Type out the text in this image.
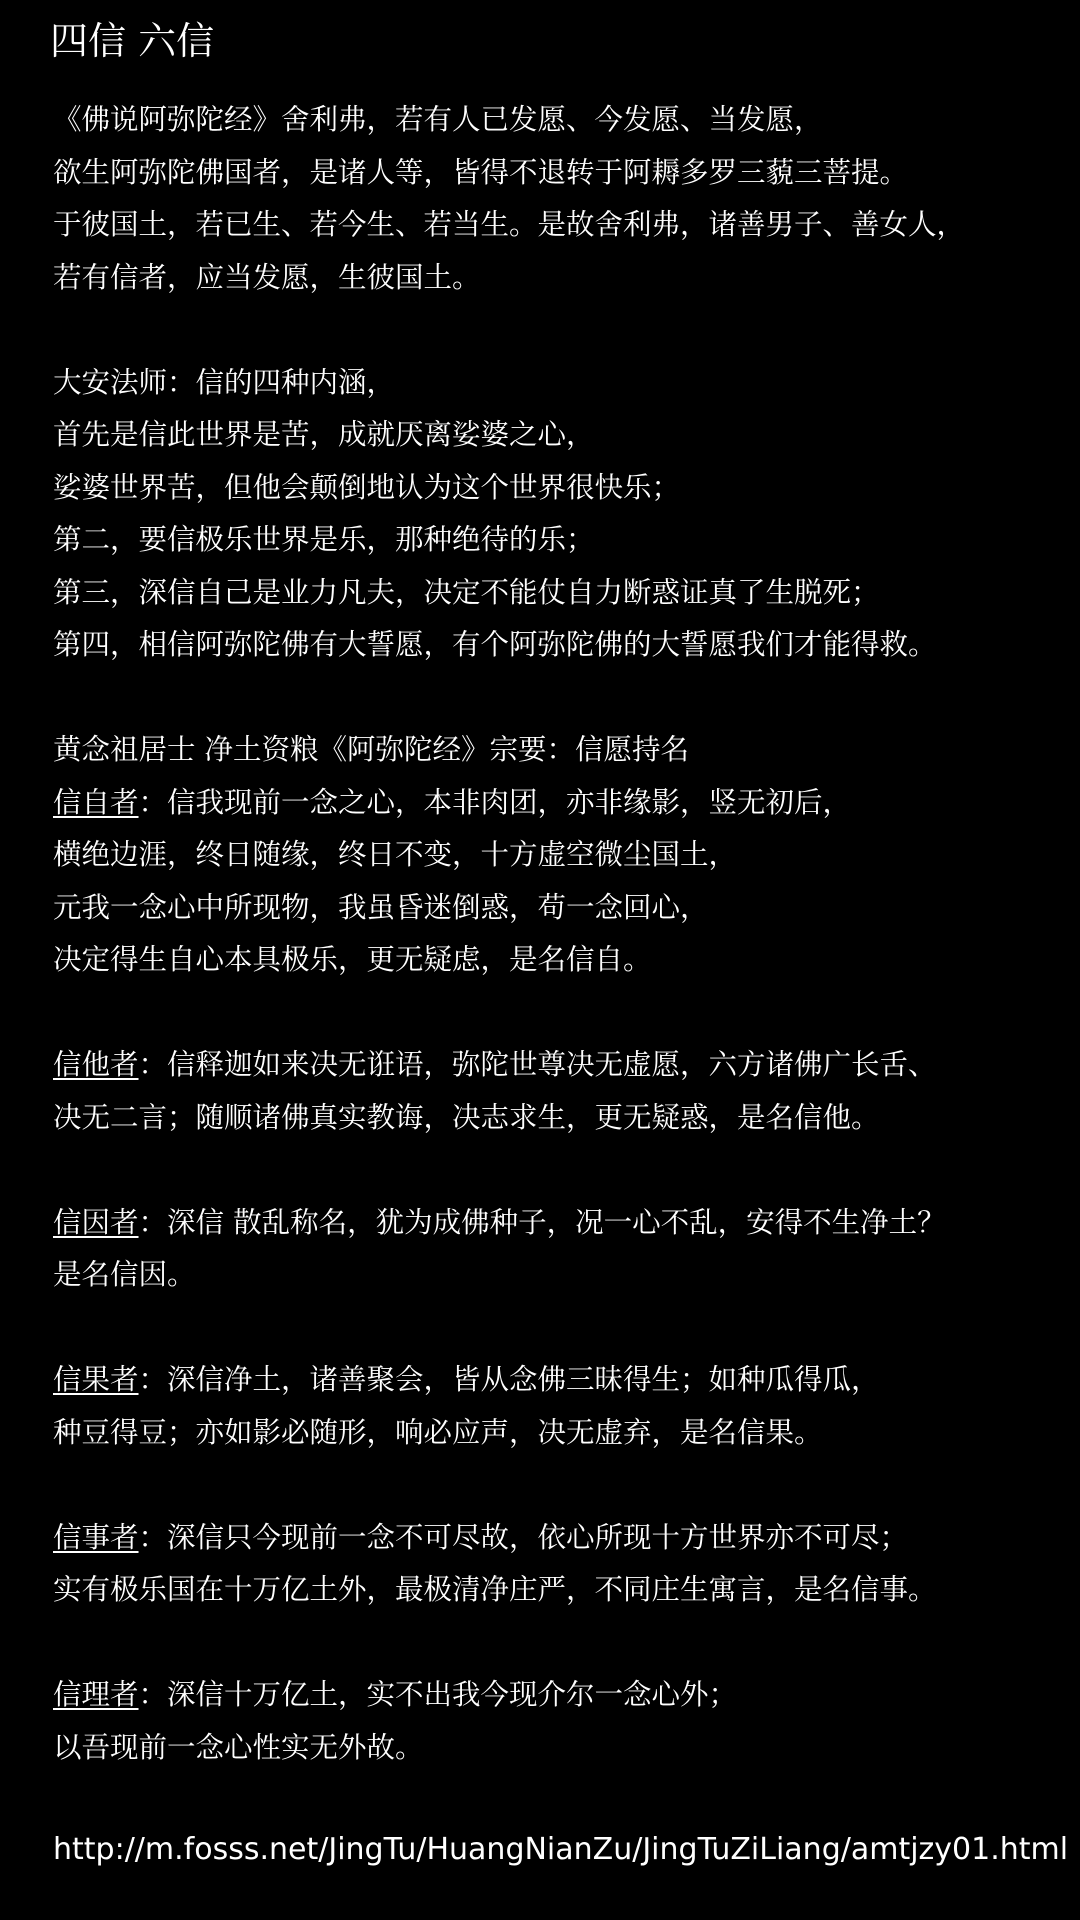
四信 六信
《佛说阿弥陀经》舍利弗，若有人已发愿、今发愿、当发愿，
欲生阿弥陀佛国者，是诸人等，皆得不退转于阿耨多罗三藐三菩提。
于彼国土，若已生、若今生、若当生。是故舍利弗，诸善男子、善女人，
若有信者，应当发愿，生彼国土。
大安法师：信的四种内涵，
首先是信此世界是苦，成就厌离娑婆之心，
娑婆世界苦，但他会颠倒地认为这个世界很快乐；
第二，要信极乐世界是乐，那种绝待的乐；
第三，深信自己是业力凡夫，决定不能仗自力断惑证真了生脱死；
第四，相信阿弥陀佛有大誓愿，有个阿弥陀佛的大誓愿我们才能得救。
黄念祖居士 净土资粮《阿弥陀经》宗要：信愿持名
信自者：信我现前一念之心，本非肉团，亦非缘影，竖无初后，
横绝边涯，终日随缘，终日不变，十方虚空微尘国土，
元我一念心中所现物，我虽昏迷倒惑，苟一念回心，
决定得生自心本具极乐，更无疑虑，是名信自。
信他者：信释迦如来决无诳语，弥陀世尊决无虚愿，六方诸佛广长舌、
决无二言；随顺诸佛真实教诲，决志求生，更无疑惑，是名信他。
信因者：深信 散乱称名，犹为成佛种子，况一心不乱，安得不生净土？
是名信因。
信果者：深信净土，诸善聚会，皆从念佛三昧得生；如种瓜得瓜，
种豆得豆；亦如影必随形，响必应声，决无虚弃，是名信果。
信事者：深信只今现前一念不可尽故，依心所现十方世界亦不可尽；
实有极乐国在十万亿土外，最极清净庄严，不同庄生寓言，是名信事。
信理者：深信十万亿土，实不出我今现介尔一念心外；
以吾现前一念心性实无外故。
http://m.fosss.net/JingTu/HuangNianZu/JingTuZiLiang/amtjzy01.html
